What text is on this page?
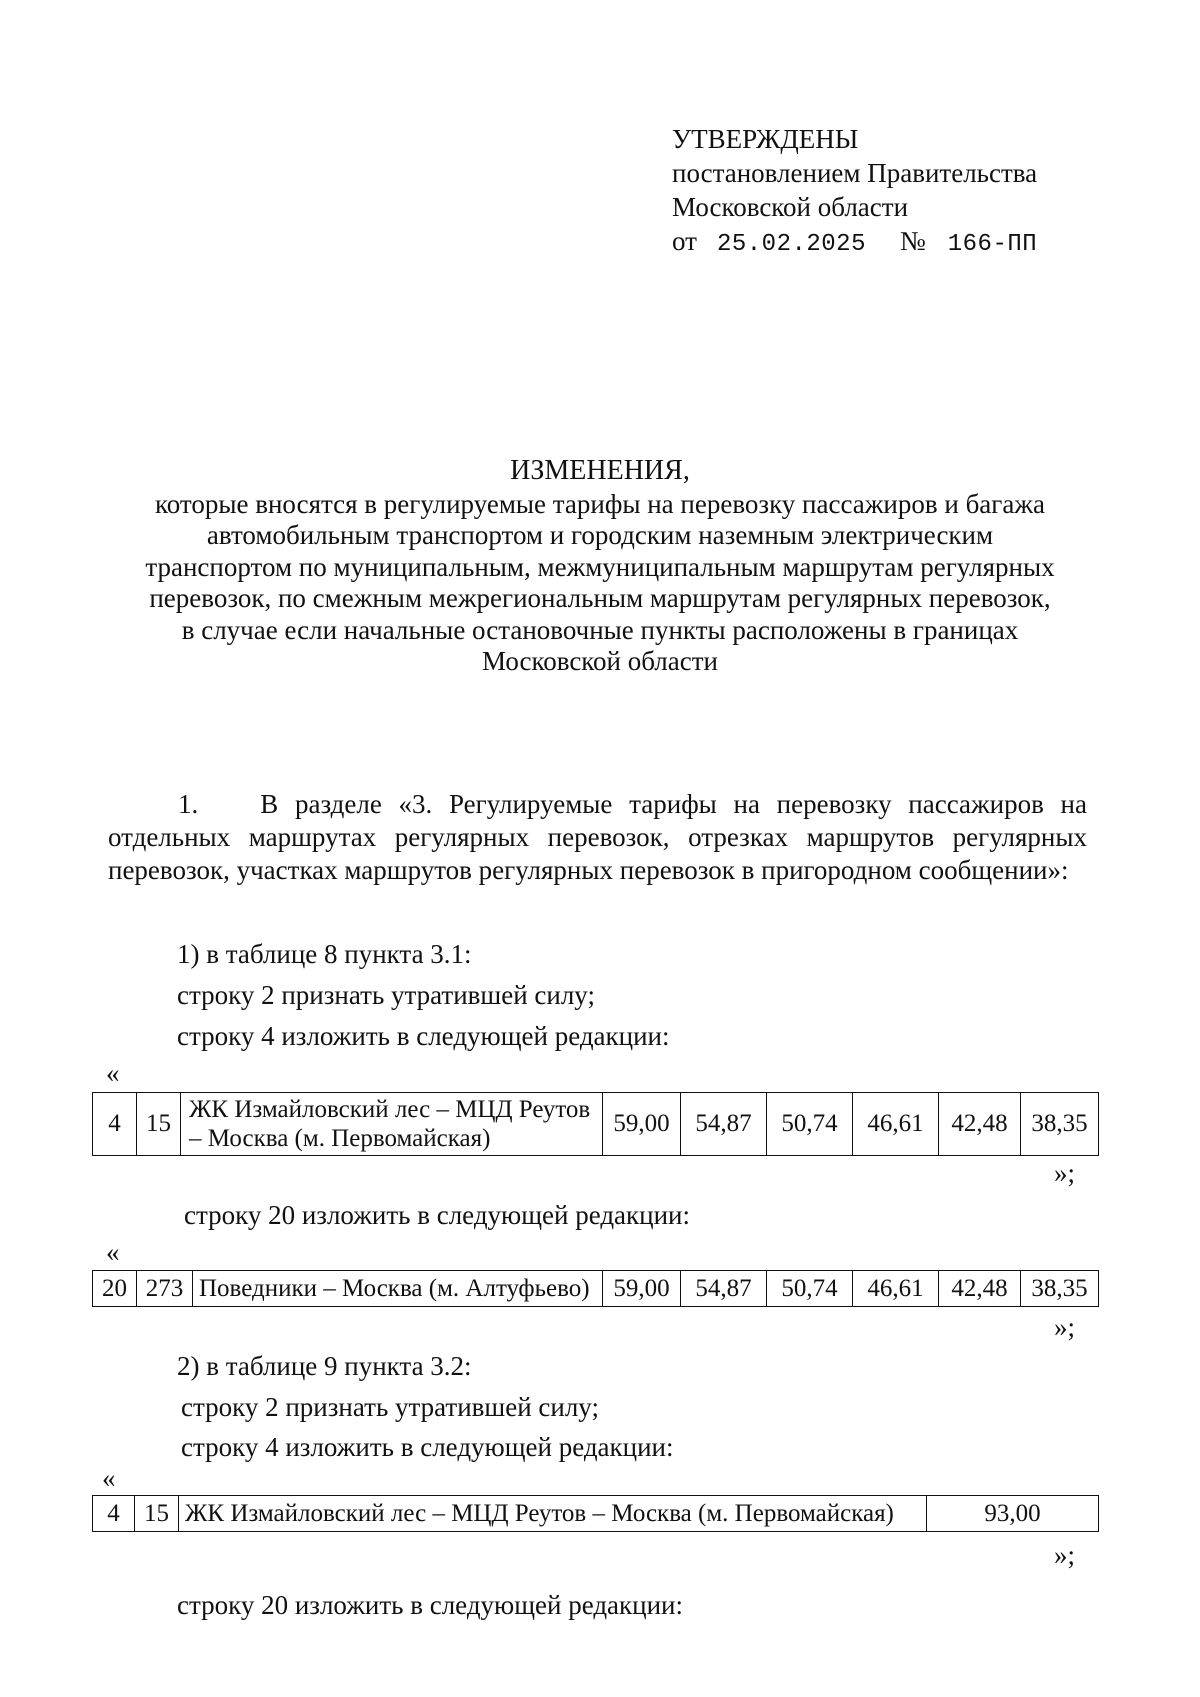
УТВЕРЖДЕНЫ
постановлением Правительства
Московской области
от 25.02.2025 № 166-ПП
ИЗМЕНЕНИЯ,
которые вносятся в регулируемые тарифы на перевозку пассажиров и багажа
автомобильным транспортом и городским наземным электрическим
транспортом по муниципальным, межмуниципальным маршрутам регулярных
перевозок, по смежным межрегиональным маршрутам регулярных перевозок,
в случае если начальные остановочные пункты расположены в границах
Московской области
1. В разделе «3. Регулируемые тарифы на перевозку пассажиров на отдельных маршрутах регулярных перевозок, отрезках маршрутов регулярных перевозок, участках маршрутов регулярных перевозок в пригородном сообщении»:
1) в таблице 8 пункта 3.1:
строку 2 признать утратившей силу;
строку 4 изложить в следующей редакции:
«
4	15	ЖК Измайловский лес – МЦД Реутов – Москва (м. Первомайская)	59,00	54,87	50,74	46,61	42,48	38,35
»;
строку 20 изложить в следующей редакции:
«
20	273	Поведники – Москва (м. Алтуфьево)	59,00	54,87	50,74	46,61	42,48	38,35
»;
2) в таблице 9 пункта 3.2:
строку 2 признать утратившей силу;
строку 4 изложить в следующей редакции:
«
4	15	ЖК Измайловский лес – МЦД Реутов – Москва (м. Первомайская)	93,00
»;
строку 20 изложить в следующей редакции:
